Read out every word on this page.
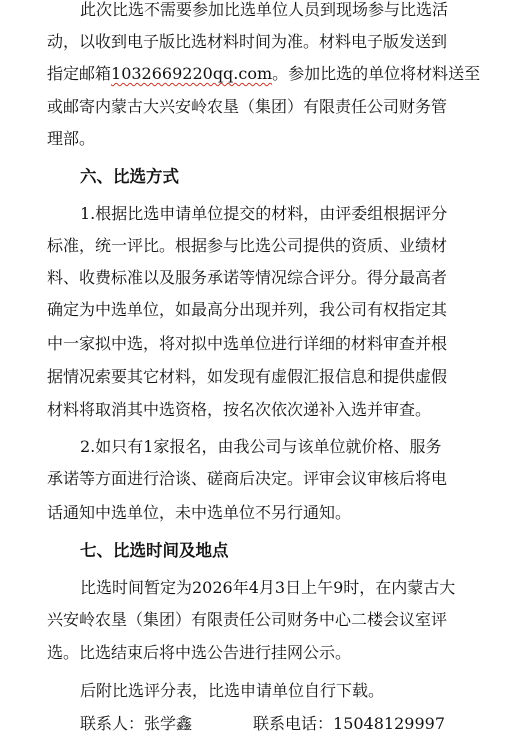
此次比选不需要参加比选单位人员到现场参与比选活
动，以收到电子版比选材料时间为准。材料电子版发送到
指定邮箱1032669220qq.com。参加比选的单位将材料送至
或邮寄内蒙古大兴安岭农垦（集团）有限责任公司财务管
理部。
六、比选方式
1.根据比选申请单位提交的材料，由评委组根据评分
标准，统一评比。根据参与比选公司提供的资质、业绩材
料、收费标准以及服务承诺等情况综合评分。得分最高者
确定为中选单位，如最高分出现并列，我公司有权指定其
中一家拟中选，将对拟中选单位进行详细的材料审查并根
据情况索要其它材料，如发现有虚假汇报信息和提供虚假
材料将取消其中选资格，按名次依次递补入选并审查。
2.如只有1家报名，由我公司与该单位就价格、服务
承诺等方面进行洽谈、磋商后决定。评审会议审核后将电
话通知中选单位，未中选单位不另行通知。
七、比选时间及地点
比选时间暂定为2026年4月3日上午9时，在内蒙古大
兴安岭农垦（集团）有限责任公司财务中心二楼会议室评
选。比选结束后将中选公告进行挂网公示。
后附比选评分表，比选申请单位自行下载。
联系人：张学鑫	联系电话：15048129997
